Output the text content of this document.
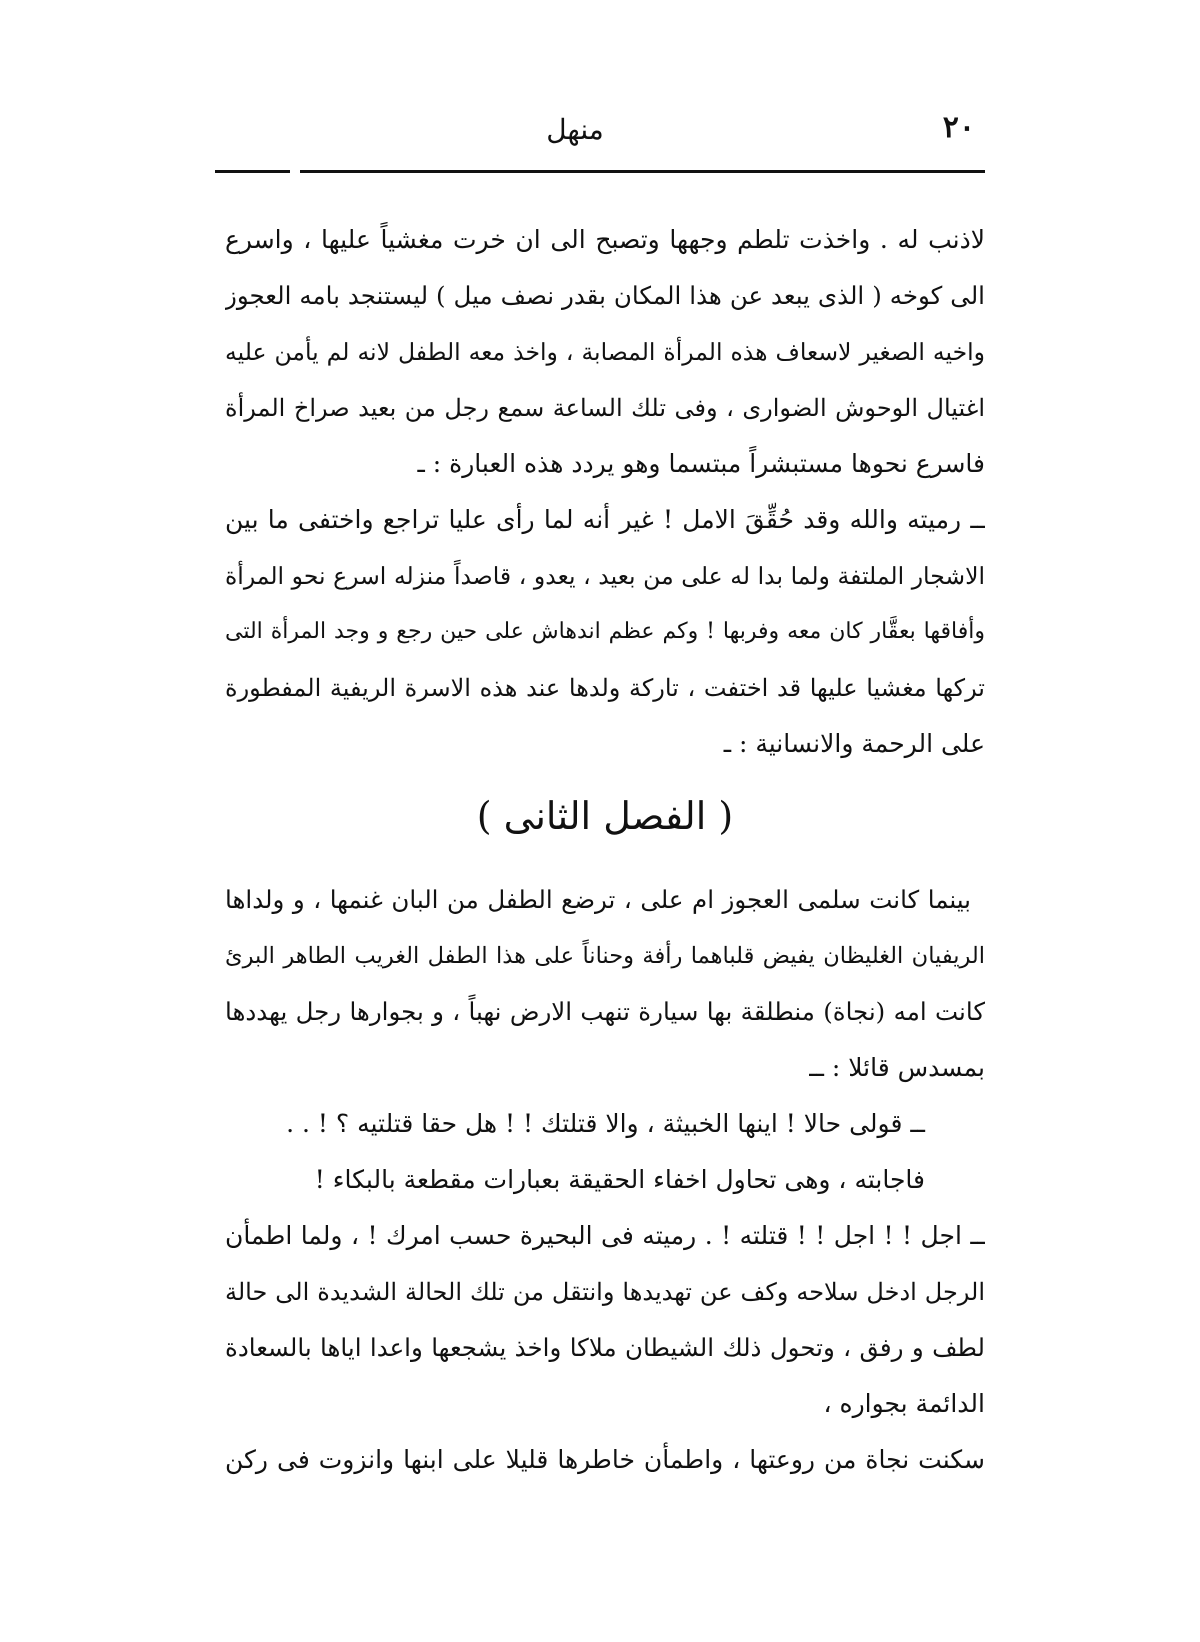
٢٠
منهل
لاذنب له . واخذت تلطم وجهها وتصبح الى ان خرت مغشياً عليها ، واسرع
الى كوخه ( الذى يبعد عن هذا المكان بقدر نصف ميل ) ليستنجد بامه العجوز
واخيه الصغير لاسعاف هذه المرأة المصابة ، واخذ معه الطفل لانه لم يأمن عليه
اغتيال الوحوش الضوارى ، وفى تلك الساعة سمع رجل من بعيد صراخ المرأة
فاسرع نحوها مستبشراً مبتسما وهو يردد هذه العبارة : ـ
ــ رميته والله وقد حُقِّقَ الامل ! غير أنه لما رأى عليا تراجع واختفى ما بين
الاشجار الملتفة ولما بدا له على من بعيد ، يعدو ، قاصداً منزله اسرع نحو المرأة
وأفاقها بعقَّار كان معه وفربها ! وكم عظم اندهاش على حين رجع و وجد المرأة التى
تركها مغشيا عليها قد اختفت ، تاركة ولدها عند هذه الاسرة الريفية المفطورة
على الرحمة والانسانية : ـ
( الفصل الثانى )
بينما كانت سلمى العجوز ام على ، ترضع الطفل من البان غنمها ، و ولداها
الريفيان الغليظان يفيض قلباهما رأفة وحناناً على هذا الطفل الغريب الطاهر البرئ
كانت امه (نجاة) منطلقة بها سيارة تنهب الارض نهباً ، و بجوارها رجل يهددها
بمسدس قائلا : ــ
ــ قولى حالا ! اينها الخبيثة ، والا قتلتك ! ! هل حقا قتلتيه ؟ ! . .
فاجابته ، وهى تحاول اخفاء الحقيقة بعبارات مقطعة بالبكاء !
ــ اجل ! ! اجل ! ! قتلته ! . رميته فى البحيرة حسب امرك ! ، ولما اطمأن
الرجل ادخل سلاحه وكف عن تهديدها وانتقل من تلك الحالة الشديدة الى حالة
لطف و رفق ، وتحول ذلك الشيطان ملاكا واخذ يشجعها واعدا اياها بالسعادة
الدائمة بجواره ،
سكنت نجاة من روعتها ، واطمأن خاطرها قليلا على ابنها وانزوت فى ركن
